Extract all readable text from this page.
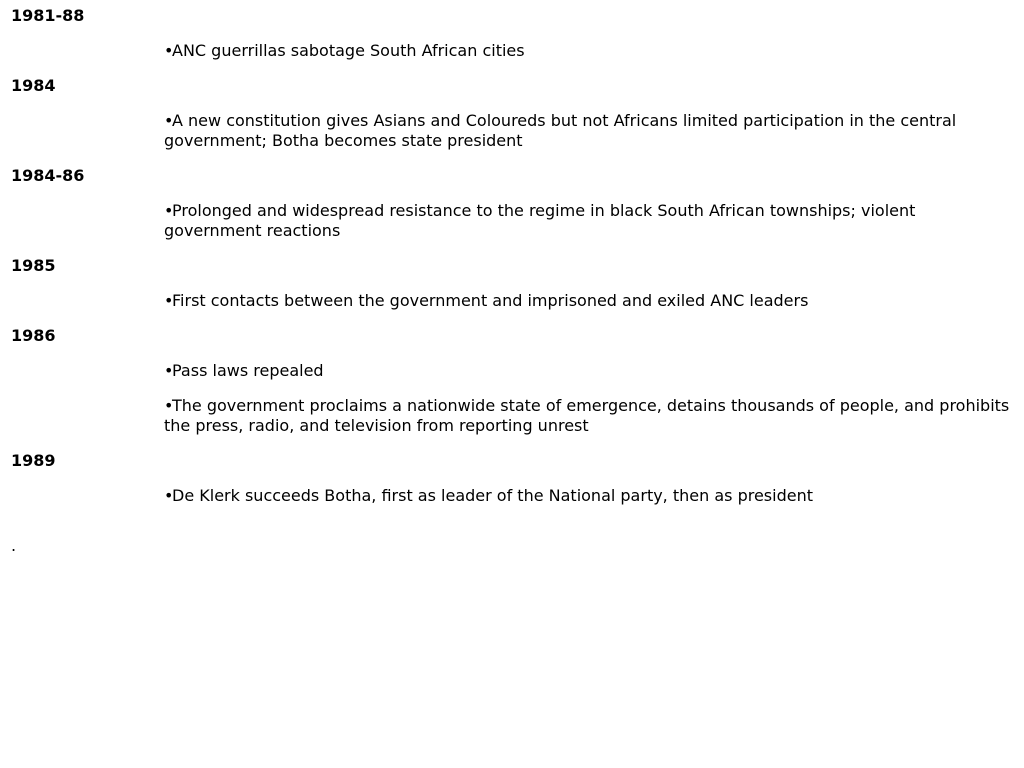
1981-88
•ANC guerrillas sabotage South African cities
1984
•A new constitution gives Asians and Coloureds but not Africans limited participation in the central government; Botha becomes state president
1984-86
•Prolonged and widespread resistance to the regime in black South African townships; violent government reactions
1985
•First contacts between the government and imprisoned and exiled ANC leaders
1986
•Pass laws repealed
•The government proclaims a nationwide state of emergence, detains thousands of people, and prohibits the press, radio, and television from reporting unrest
1989
•De Klerk succeeds Botha, first as leader of the National party, then as president
.
